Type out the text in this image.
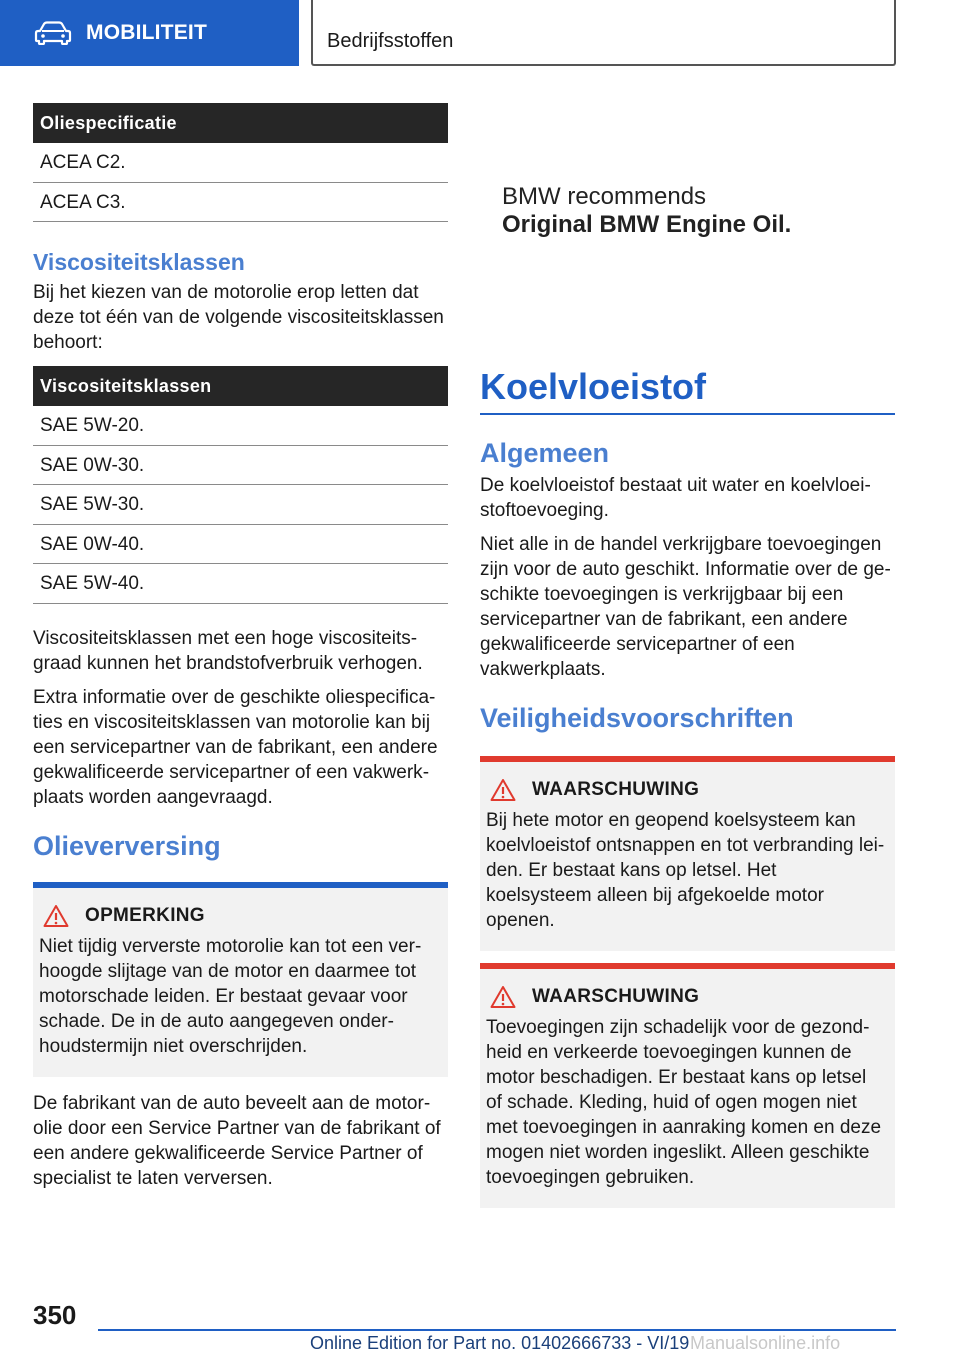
MOBILITEIT	Bedrijfsstoffen
Oliespecificatie
ACEA C2.
ACEA C3.
Viscositeitsklassen

Bij het kiezen van de motorolie erop letten dat deze tot één van de volgende viscositeitsklassen behoort:

Viscositeitsklassen
SAE 5W-20.
SAE 0W-30.
SAE 5W-30.
SAE 0W-40.
SAE 5W-40.

Viscositeitsklassen met een hoge viscositeitsgraad kunnen het brandstofverbruik verhogen.

Extra informatie over de geschikte oliespecificaties en viscositeitsklassen van motorolie kan bij een servicepartner van de fabrikant, een andere gekwalificeerde servicepartner of een vakwerkplaats worden aangevraagd.

Olieverversing
OPMERKING

Niet tijdig ververste motorolie kan tot een verhoogde slijtage van de motor en daarmee tot motorschade leiden. Er bestaat gevaar voor schade. De in de auto aangegeven onderhoudstermijn niet overschrijden.

De fabrikant van de auto beveelt aan de motorolie door een Service Partner van de fabrikant of een andere gekwalificeerde Service Partner of specialist te laten verversen.

BMW recommends
Original BMW Engine Oil.
Koelvloeistof
Algemeen

De koelvloeistof bestaat uit water en koelvloeistoftoevoeging.

Niet alle in de handel verkrijgbare toevoegingen zijn voor de auto geschikt. Informatie over de geschikte toevoegingen is verkrijgbaar bij een servicepartner van de fabrikant, een andere gekwalificeerde servicepartner of een vakwerkplaats.

Veiligheidsvoorschriften
WAARSCHUWING

Bij hete motor en geopend koelsysteem kan koelvloeistof ontsnappen en tot verbranding leiden. Er bestaat kans op letsel. Het koelsysteem alleen bij afgekoelde motor openen.

WAARSCHUWING

Toevoegingen zijn schadelijk voor de gezondheid en verkeerde toevoegingen kunnen de motor beschadigen. Er bestaat kans op letsel of schade. Kleding, huid of ogen mogen niet met toevoegingen in aanraking komen en deze mogen niet worden ingeslikt. Alleen geschikte toevoegingen gebruiken.

350
Online Edition for Part no. 01402666733 - VI/19 Manualsonline.info
